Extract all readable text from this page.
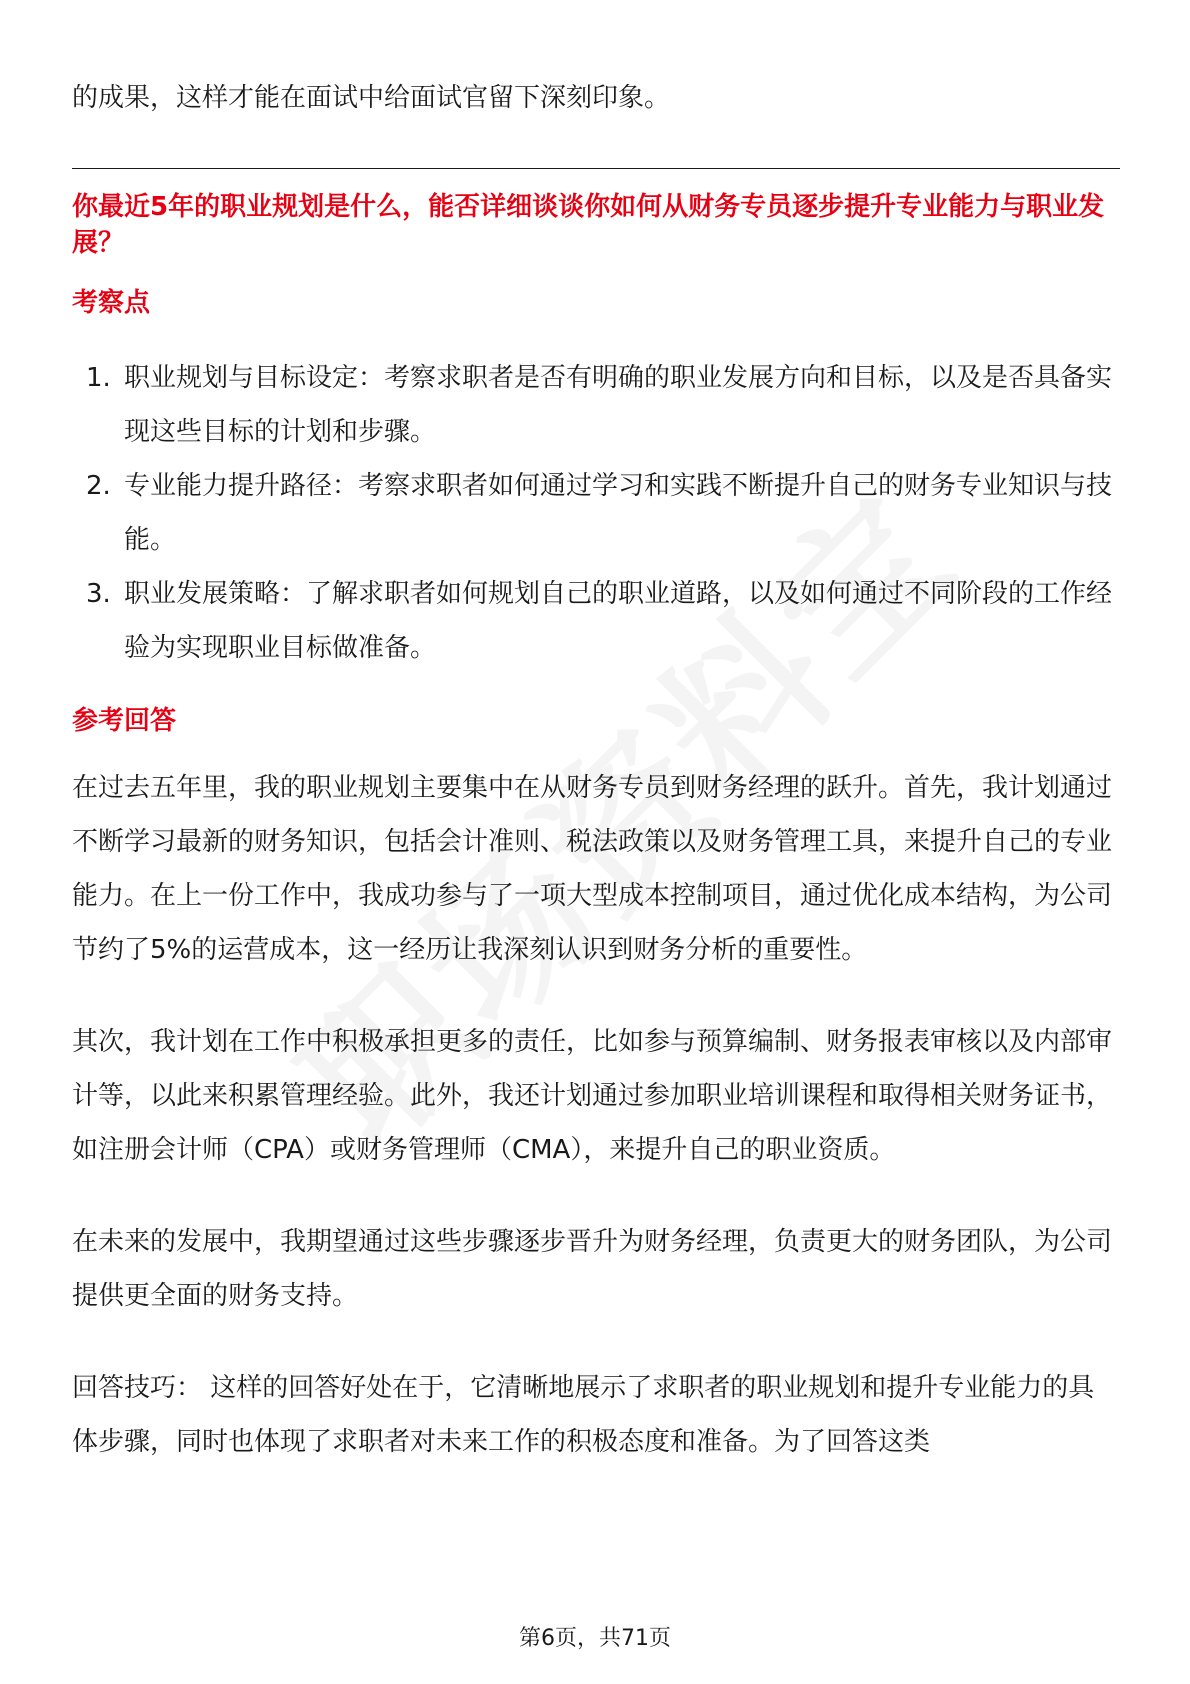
的成果，这样才能在面试中给面试官留下深刻印象。

你最近5年的职业规划是什么，能否详细谈谈你如何从财务专员逐步提升专业能力与职业发展？

考察点

1. 职业规划与目标设定：考察求职者是否有明确的职业发展方向和目标，以及是否具备实现这些目标的计划和步骤。
2. 专业能力提升路径：考察求职者如何通过学习和实践不断提升自己的财务专业知识与技能。
3. 职业发展策略：了解求职者如何规划自己的职业道路，以及如何通过不同阶段的工作经验为实现职业目标做准备。

参考回答

在过去五年里，我的职业规划主要集中在从财务专员到财务经理的跃升。首先，我计划通过不断学习最新的财务知识，包括会计准则、税法政策以及财务管理工具，来提升自己的专业能力。在上一份工作中，我成功参与了一项大型成本控制项目，通过优化成本结构，为公司节约了5%的运营成本，这一经历让我深刻认识到财务分析的重要性。

其次，我计划在工作中积极承担更多的责任，比如参与预算编制、财务报表审核以及内部审计等，以此来积累管理经验。此外，我还计划通过参加职业培训课程和取得相关财务证书，如注册会计师（CPA）或财务管理师（CMA），来提升自己的职业资质。

在未来的发展中，我期望通过这些步骤逐步晋升为财务经理，负责更大的财务团队，为公司提供更全面的财务支持。

回答技巧： 这样的回答好处在于，它清晰地展示了求职者的职业规划和提升专业能力的具体步骤，同时也体现了求职者对未来工作的积极态度和准备。为了回答这类

第6页，共71页
